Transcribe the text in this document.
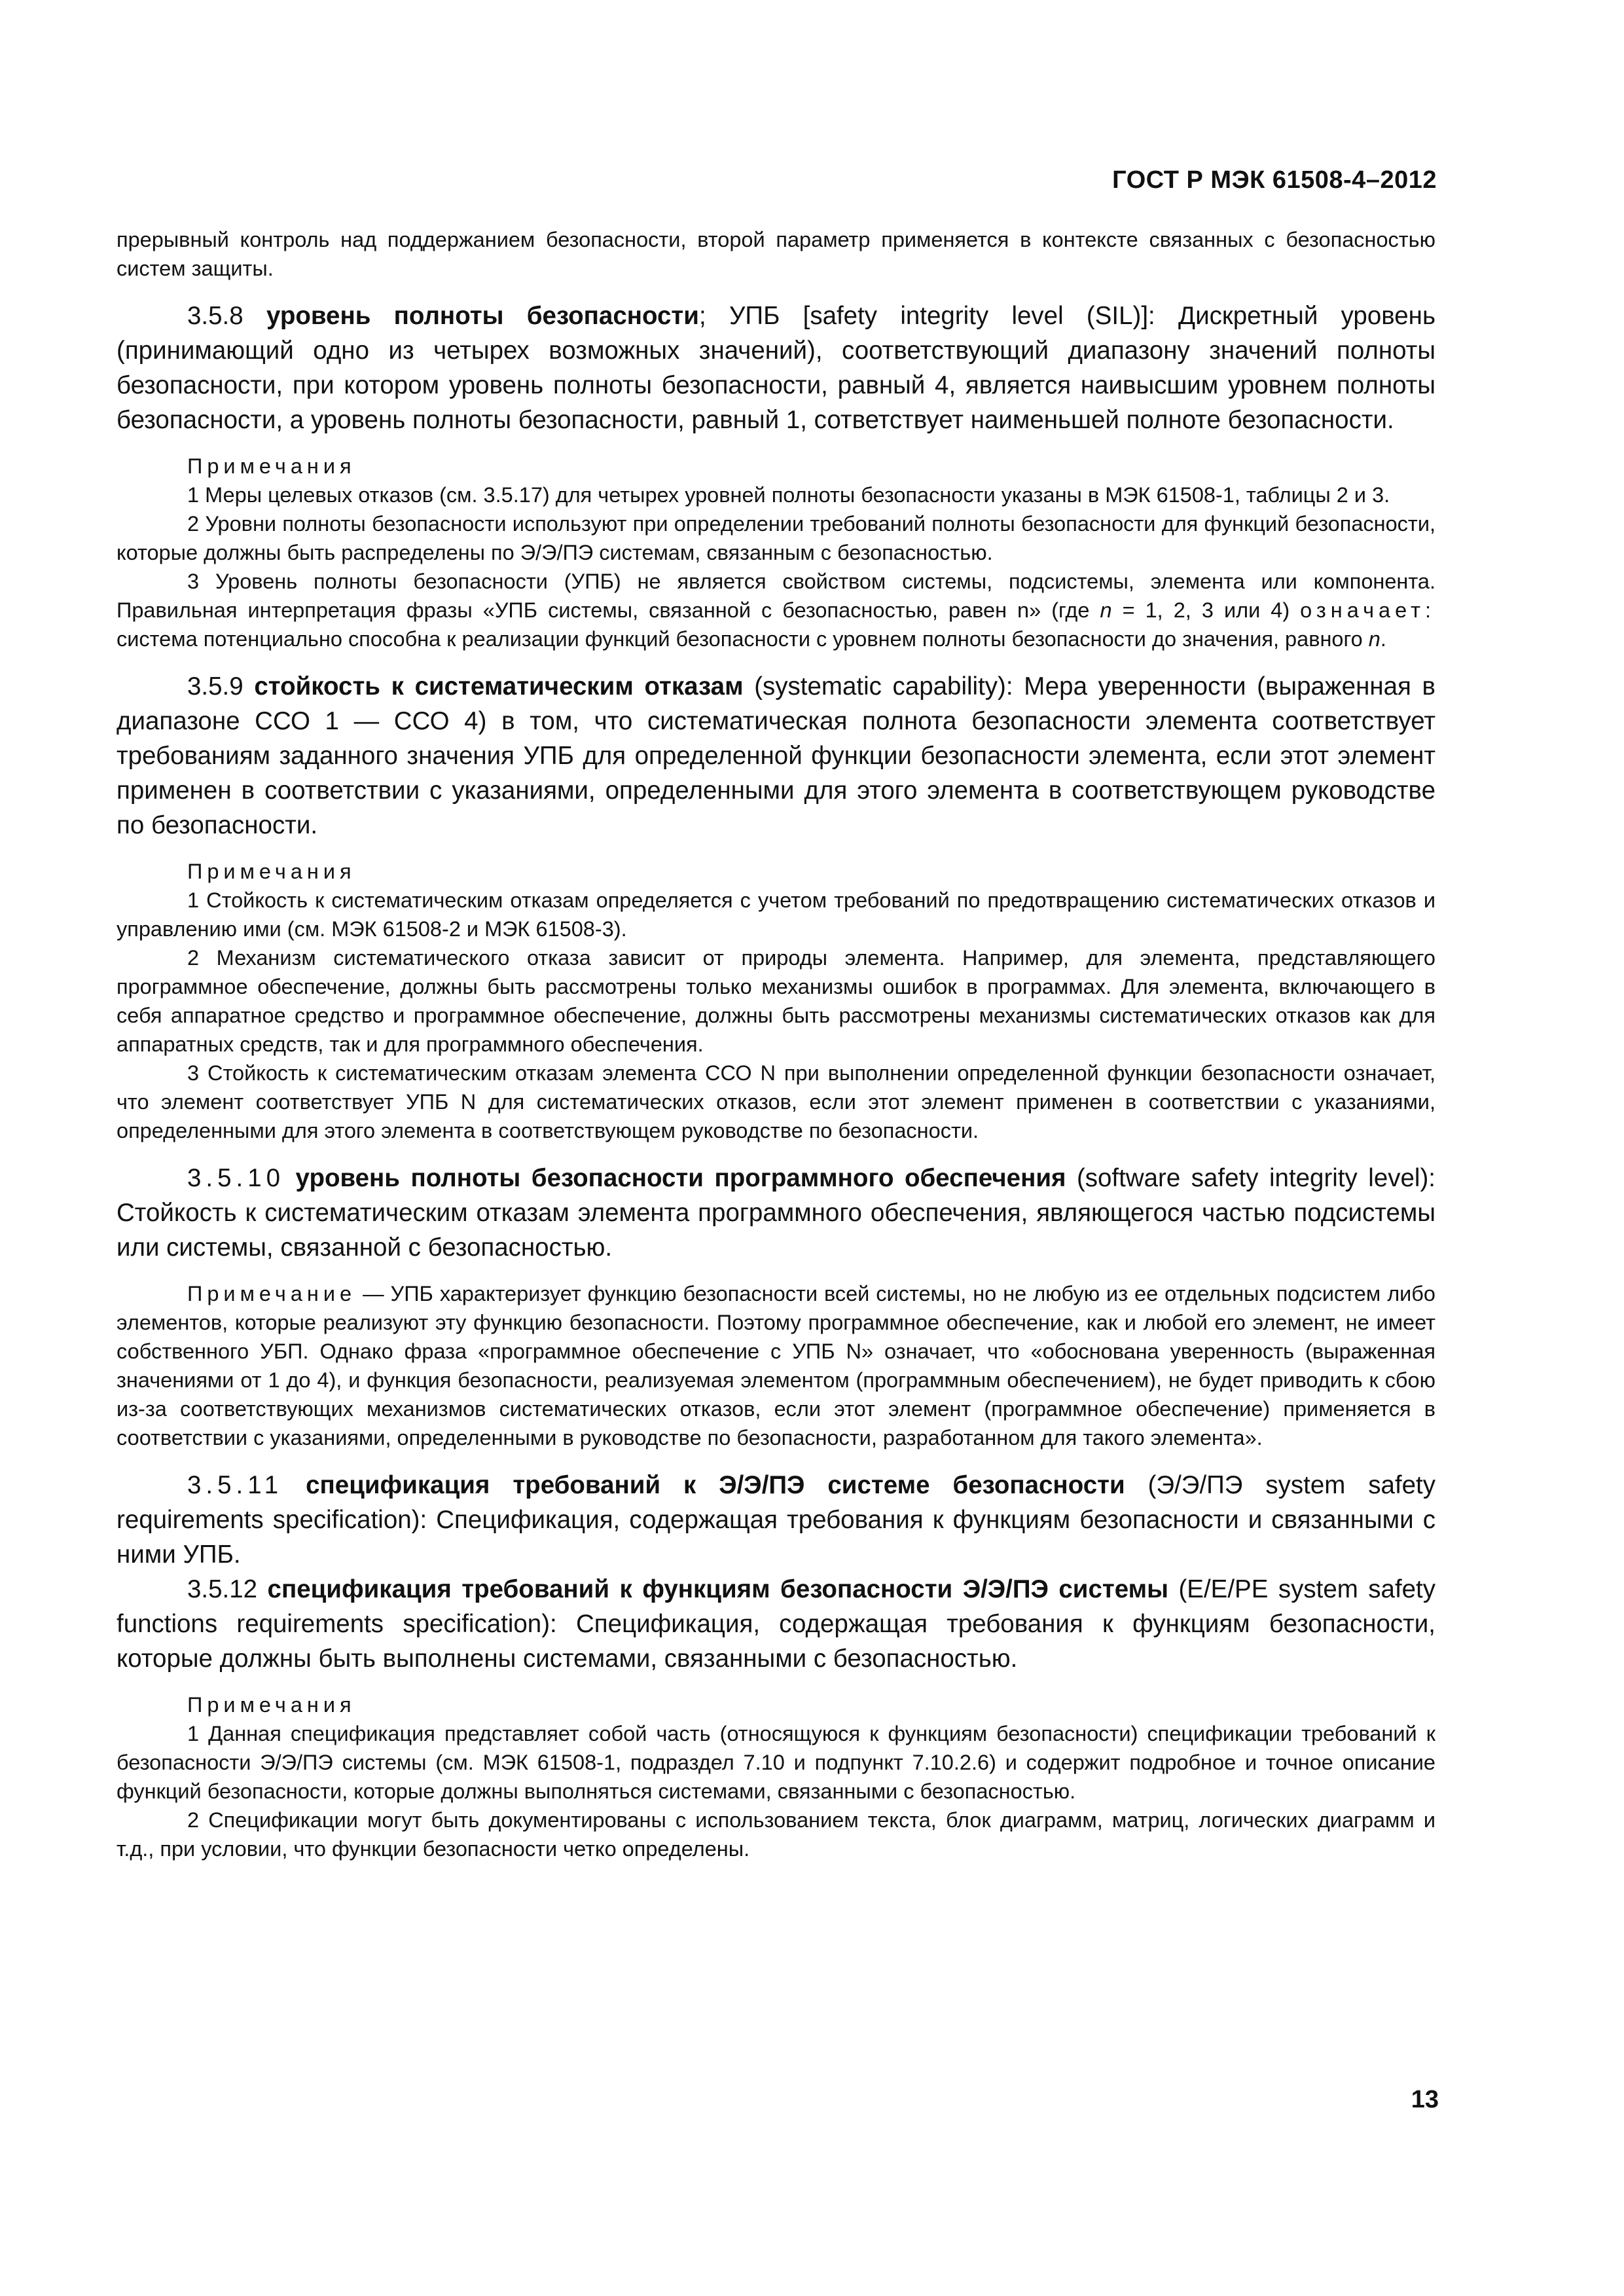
ГОСТ Р МЭК 61508-4–2012

прерывный контроль над поддержанием безопасности, второй параметр применяется в контексте связанных с безопасностью систем защиты.

3.5.8 уровень полноты безопасности; УПБ [safety integrity level (SIL)]: Дискретный уровень (принимающий одно из четырех возможных значений), соответствующий диапазону значений полноты безопасности, при котором уровень полноты безопасности, равный 4, является наивысшим уровнем полноты безопасности, а уровень полноты безопасности, равный 1, сответствует наименьшей полноте безопасности.

Примечания

1 Меры целевых отказов (см. 3.5.17) для четырех уровней полноты безопасности указаны в МЭК 61508-1, таблицы 2 и 3.

2 Уровни полноты безопасности используют при определении требований полноты безопасности для функций безопасности, которые должны быть распределены по Э/Э/ПЭ системам, связанным с безопасностью.

3 Уровень полноты безопасности (УПБ) не является свойством системы, подсистемы, элемента или компонента. Правильная интерпретация фразы «УПБ системы, связанной с безопасностью, равен n» (где n = 1, 2, 3 или 4) означает: система потенциально способна к реализации функций безопасности с уровнем полноты безопасности до значения, равного n.

3.5.9 стойкость к систематическим отказам (systematic capability): Мера уверенности (выраженная в диапазоне ССО 1 — ССО 4) в том, что систематическая полнота безопасности элемента соответствует требованиям заданного значения УПБ для определенной функции безопасности элемента, если этот элемент применен в соответствии с указаниями, определенными для этого элемента в соответствующем руководстве по безопасности.

Примечания

1 Стойкость к систематическим отказам определяется с учетом требований по предотвращению систематических отказов и управлению ими (см. МЭК 61508-2 и МЭК 61508-3).

2 Механизм систематического отказа зависит от природы элемента. Например, для элемента, представляющего программное обеспечение, должны быть рассмотрены только механизмы ошибок в программах. Для элемента, включающего в себя аппаратное средство и программное обеспечение, должны быть рассмотрены механизмы систематических отказов как для аппаратных средств, так и для программного обеспечения.

3 Стойкость к систематическим отказам элемента ССО N при выполнении определенной функции безопасности означает, что элемент соответствует УПБ N для систематических отказов, если этот элемент применен в соответствии с указаниями, определенными для этого элемента в соответствующем руководстве по безопасности.

3.5.10 уровень полноты безопасности программного обеспечения (software safety integrity level): Стойкость к систематическим отказам элемента программного обеспечения, являющегося частью подсистемы или системы, связанной с безопасностью.

Примечание — УПБ характеризует функцию безопасности всей системы, но не любую из ее отдельных подсистем либо элементов, которые реализуют эту функцию безопасности. Поэтому программное обеспечение, как и любой его элемент, не имеет собственного УБП. Однако фраза «программное обеспечение с УПБ N» означает, что «обоснована уверенность (выраженная значениями от 1 до 4), и функция безопасности, реализуемая элементом (программным обеспечением), не будет приводить к сбою из-за соответствующих механизмов систематических отказов, если этот элемент (программное обеспечение) применяется в соответствии с указаниями, определенными в руководстве по безопасности, разработанном для такого элемента».

3.5.11 спецификация требований к Э/Э/ПЭ системе безопасности (Э/Э/ПЭ system safety requirements specification): Спецификация, содержащая требования к функциям безопасности и связанными с ними УПБ.

3.5.12 спецификация требований к функциям безопасности Э/Э/ПЭ системы (E/E/PE system safety functions requirements specification): Спецификация, содержащая требования к функциям безопасности, которые должны быть выполнены системами, связанными с безопасностью.

Примечания

1 Данная спецификация представляет собой часть (относящуюся к функциям безопасности) спецификации требований к безопасности Э/Э/ПЭ системы (см. МЭК 61508-1, подраздел 7.10 и подпункт 7.10.2.6) и содержит подробное и точное описание функций безопасности, которые должны выполняться системами, связанными с безопасностью.

2 Спецификации могут быть документированы с использованием текста, блок диаграмм, матриц, логических диаграмм и т.д., при условии, что функции безопасности четко определены.

13
